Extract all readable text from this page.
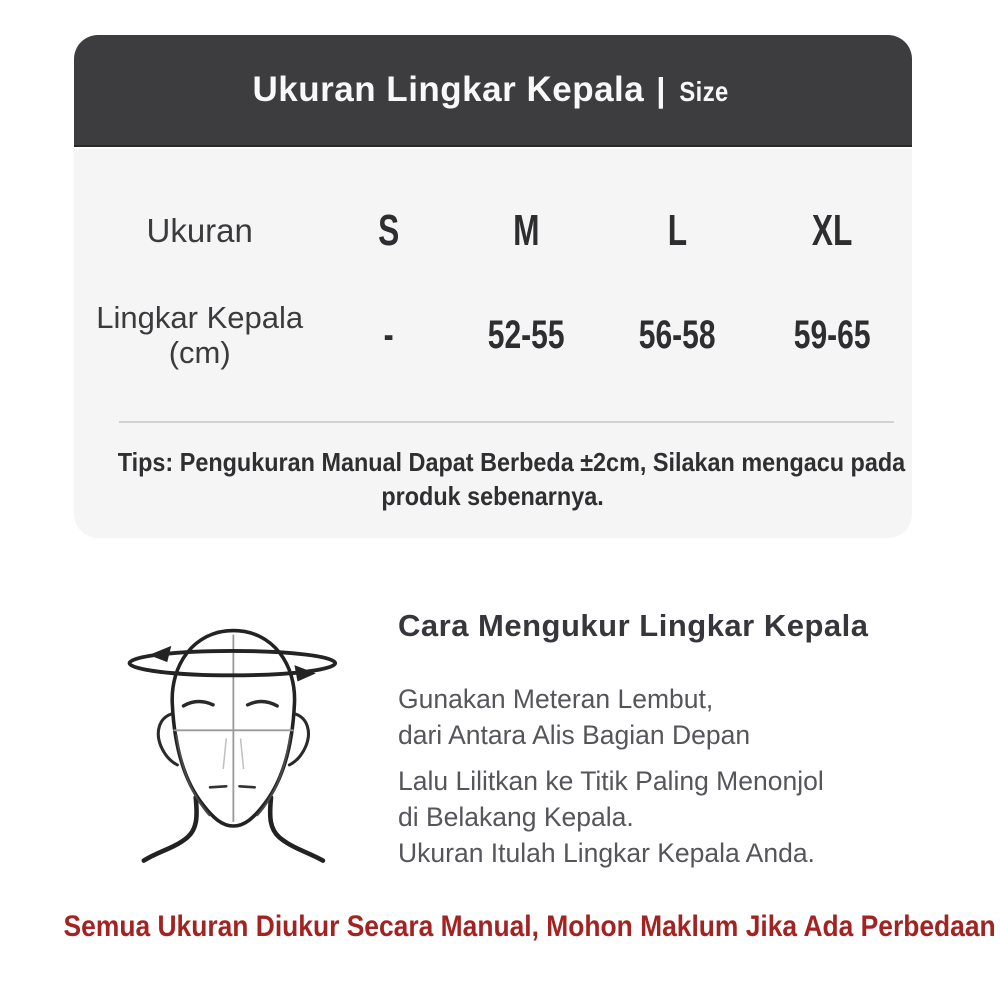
Ukuran Lingkar Kepala | Size
Ukuran	S	M	L	XL
Lingkar Kepala
(cm)	-	52-55	56-58	59-65
Tips: Pengukuran Manual Dapat Berbeda ±2cm, Silakan mengacu pada
produk sebenarnya.
Cara Mengukur Lingkar Kepala

Gunakan Meteran Lembut,
dari Antara Alis Bagian Depan

Lalu Lilitkan ke Titik Paling Menonjol
di Belakang Kepala.
Ukuran Itulah Lingkar Kepala Anda.

Semua Ukuran Diukur Secara Manual, Mohon Maklum Jika Ada Perbedaan
